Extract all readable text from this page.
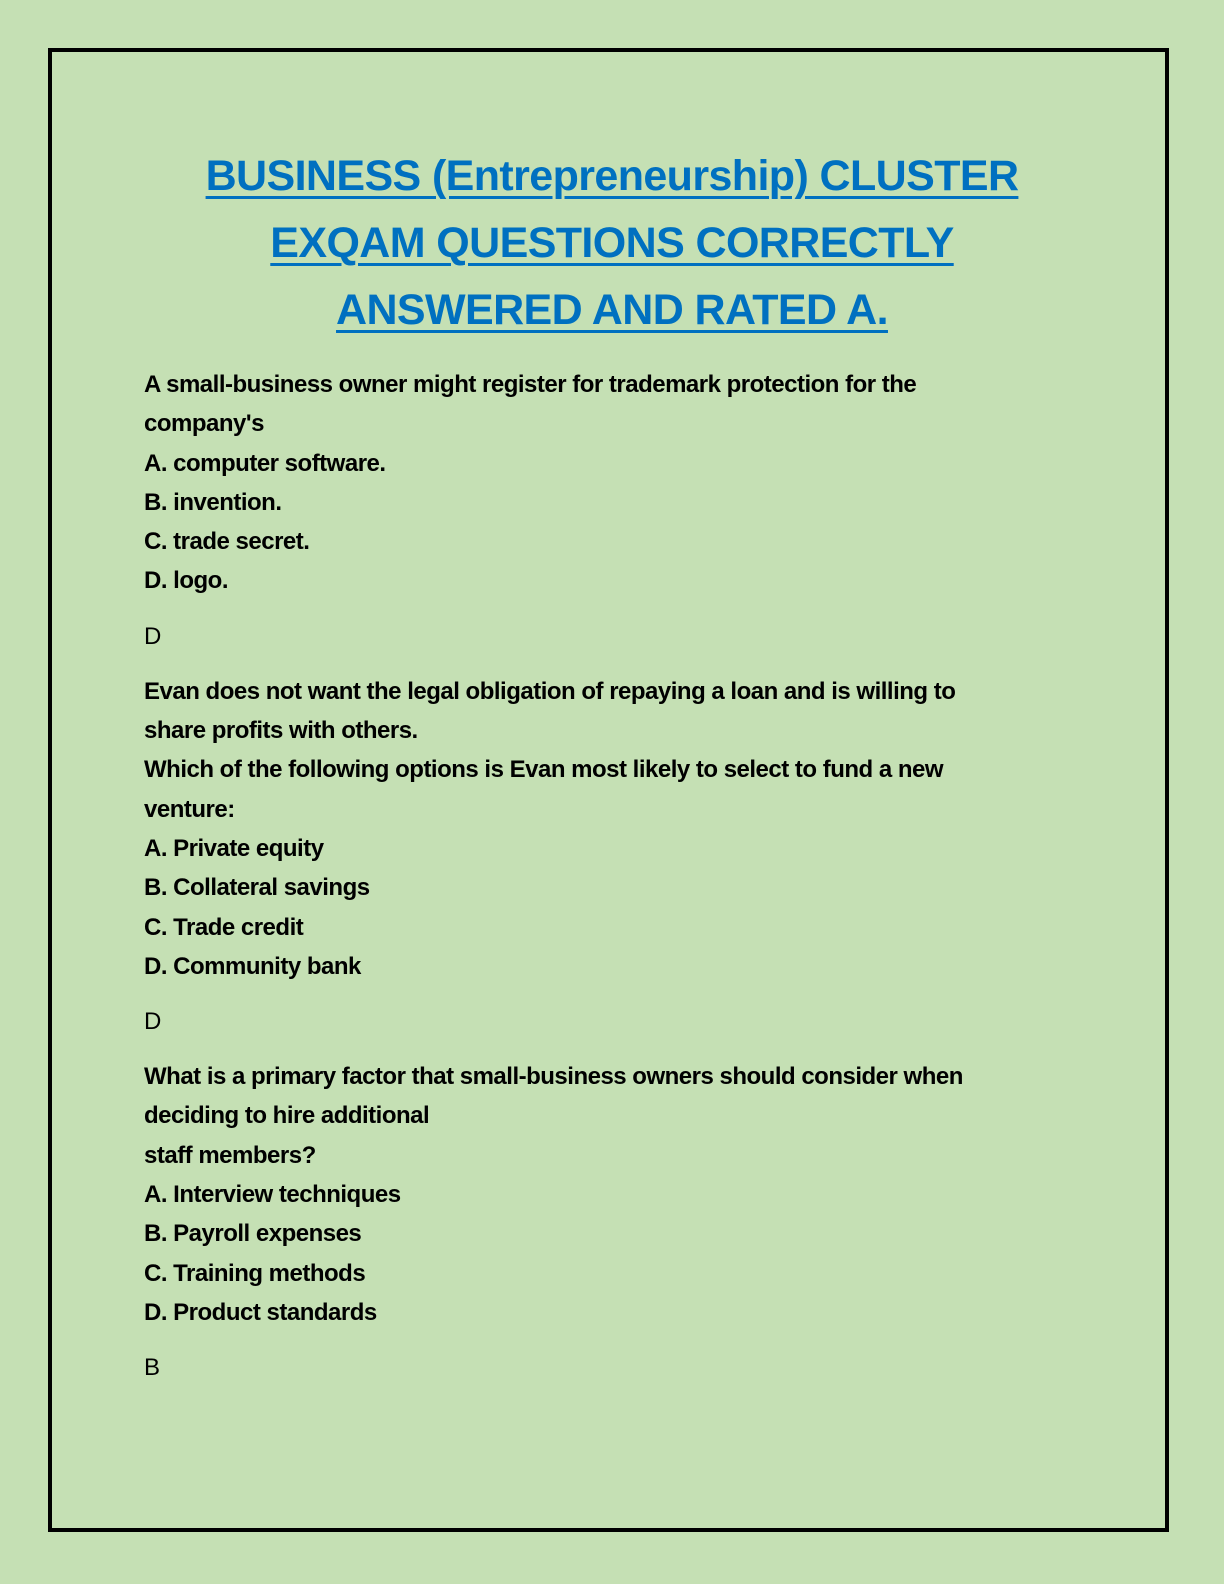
BUSINESS (Entrepreneurship) CLUSTER
EXQAM QUESTIONS CORRECTLY
ANSWERED AND RATED A.
A small-business owner might register for trademark protection for the
company's
A. computer software.
B. invention.
C. trade secret.
D. logo.
D
Evan does not want the legal obligation of repaying a loan and is willing to
share profits with others.
Which of the following options is Evan most likely to select to fund a new
venture:
A. Private equity
B. Collateral savings
C. Trade credit
D. Community bank
D
What is a primary factor that small-business owners should consider when
deciding to hire additional
staff members?
A. Interview techniques
B. Payroll expenses
C. Training methods
D. Product standards
B
